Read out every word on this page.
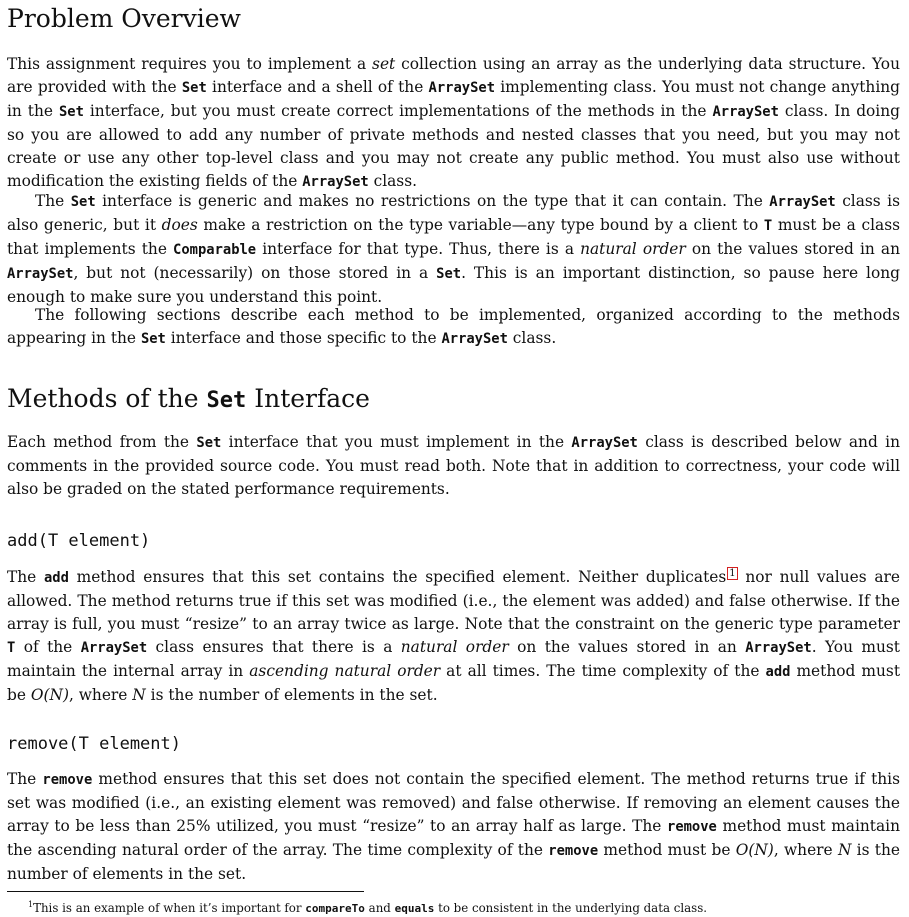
Problem Overview

This assignment requires you to implement a set collection using an array as the underlying data structure. You are provided with the Set interface and a shell of the ArraySet implementing class. You must not change anything in the Set interface, but you must create correct implementations of the methods in the ArraySet class. In doing so you are allowed to add any number of private methods and nested classes that you need, but you may not create or use any other top-level class and you may not create any public method. You must also use without modification the existing fields of the ArraySet class.

The Set interface is generic and makes no restrictions on the type that it can contain. The ArraySet class is also generic, but it does make a restriction on the type variable—any type bound by a client to T must be a class that implements the Comparable interface for that type. Thus, there is a natural order on the values stored in an ArraySet, but not (necessarily) on those stored in a Set. This is an important distinction, so pause here long enough to make sure you understand this point.

The following sections describe each method to be implemented, organized according to the methods appearing in the Set interface and those specific to the ArraySet class.

Methods of the Set Interface

Each method from the Set interface that you must implement in the ArraySet class is described below and in comments in the provided source code. You must read both. Note that in addition to correctness, your code will also be graded on the stated performance requirements.

add(T element)

The add method ensures that this set contains the specified element. Neither duplicates 1 nor null values are allowed. The method returns true if this set was modified (i.e., the element was added) and false otherwise. If the array is full, you must “resize” to an array twice as large. Note that the constraint on the generic type parameter T of the ArraySet class ensures that there is a natural order on the values stored in an ArraySet. You must maintain the internal array in ascending natural order at all times. The time complexity of the add method must be O(N), where N is the number of elements in the set.

remove(T element)

The remove method ensures that this set does not contain the specified element. The method returns true if this set was modified (i.e., an existing element was removed) and false otherwise. If removing an element causes the array to be less than 25% utilized, you must “resize” to an array half as large. The remove method must maintain the ascending natural order of the array. The time complexity of the remove method must be O(N), where N is the number of elements in the set.

$^1$This is an example of when it’s important for compareTo and equals to be consistent in the underlying data class.
